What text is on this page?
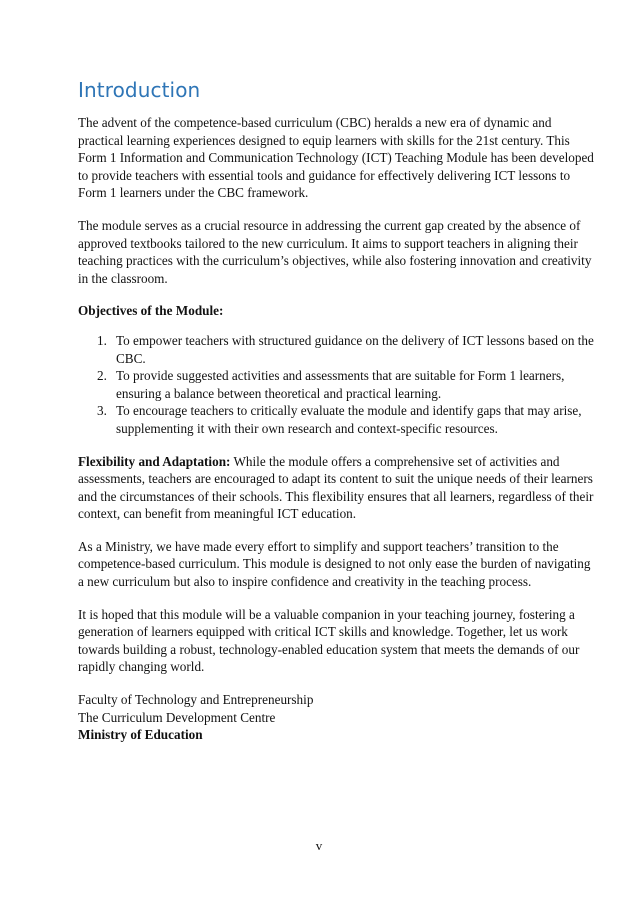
Introduction

The advent of the competence-based curriculum (CBC) heralds a new era of dynamic and practical learning experiences designed to equip learners with skills for the 21st century. This Form 1 Information and Communication Technology (ICT) Teaching Module has been developed to provide teachers with essential tools and guidance for effectively delivering ICT lessons to Form 1 learners under the CBC framework.

The module serves as a crucial resource in addressing the current gap created by the absence of approved textbooks tailored to the new curriculum. It aims to support teachers in aligning their teaching practices with the curriculum’s objectives, while also fostering innovation and creativity in the classroom.

Objectives of the Module:

1. To empower teachers with structured guidance on the delivery of ICT lessons based on the CBC.
2. To provide suggested activities and assessments that are suitable for Form 1 learners, ensuring a balance between theoretical and practical learning.
3. To encourage teachers to critically evaluate the module and identify gaps that may arise, supplementing it with their own research and context-specific resources.

Flexibility and Adaptation: While the module offers a comprehensive set of activities and assessments, teachers are encouraged to adapt its content to suit the unique needs of their learners and the circumstances of their schools. This flexibility ensures that all learners, regardless of their context, can benefit from meaningful ICT education.

As a Ministry, we have made every effort to simplify and support teachers’ transition to the competence-based curriculum. This module is designed to not only ease the burden of navigating a new curriculum but also to inspire confidence and creativity in the teaching process.

It is hoped that this module will be a valuable companion in your teaching journey, fostering a generation of learners equipped with critical ICT skills and knowledge. Together, let us work towards building a robust, technology-enabled education system that meets the demands of our rapidly changing world.

Faculty of Technology and Entrepreneurship

The Curriculum Development Centre

Ministry of Education

v
